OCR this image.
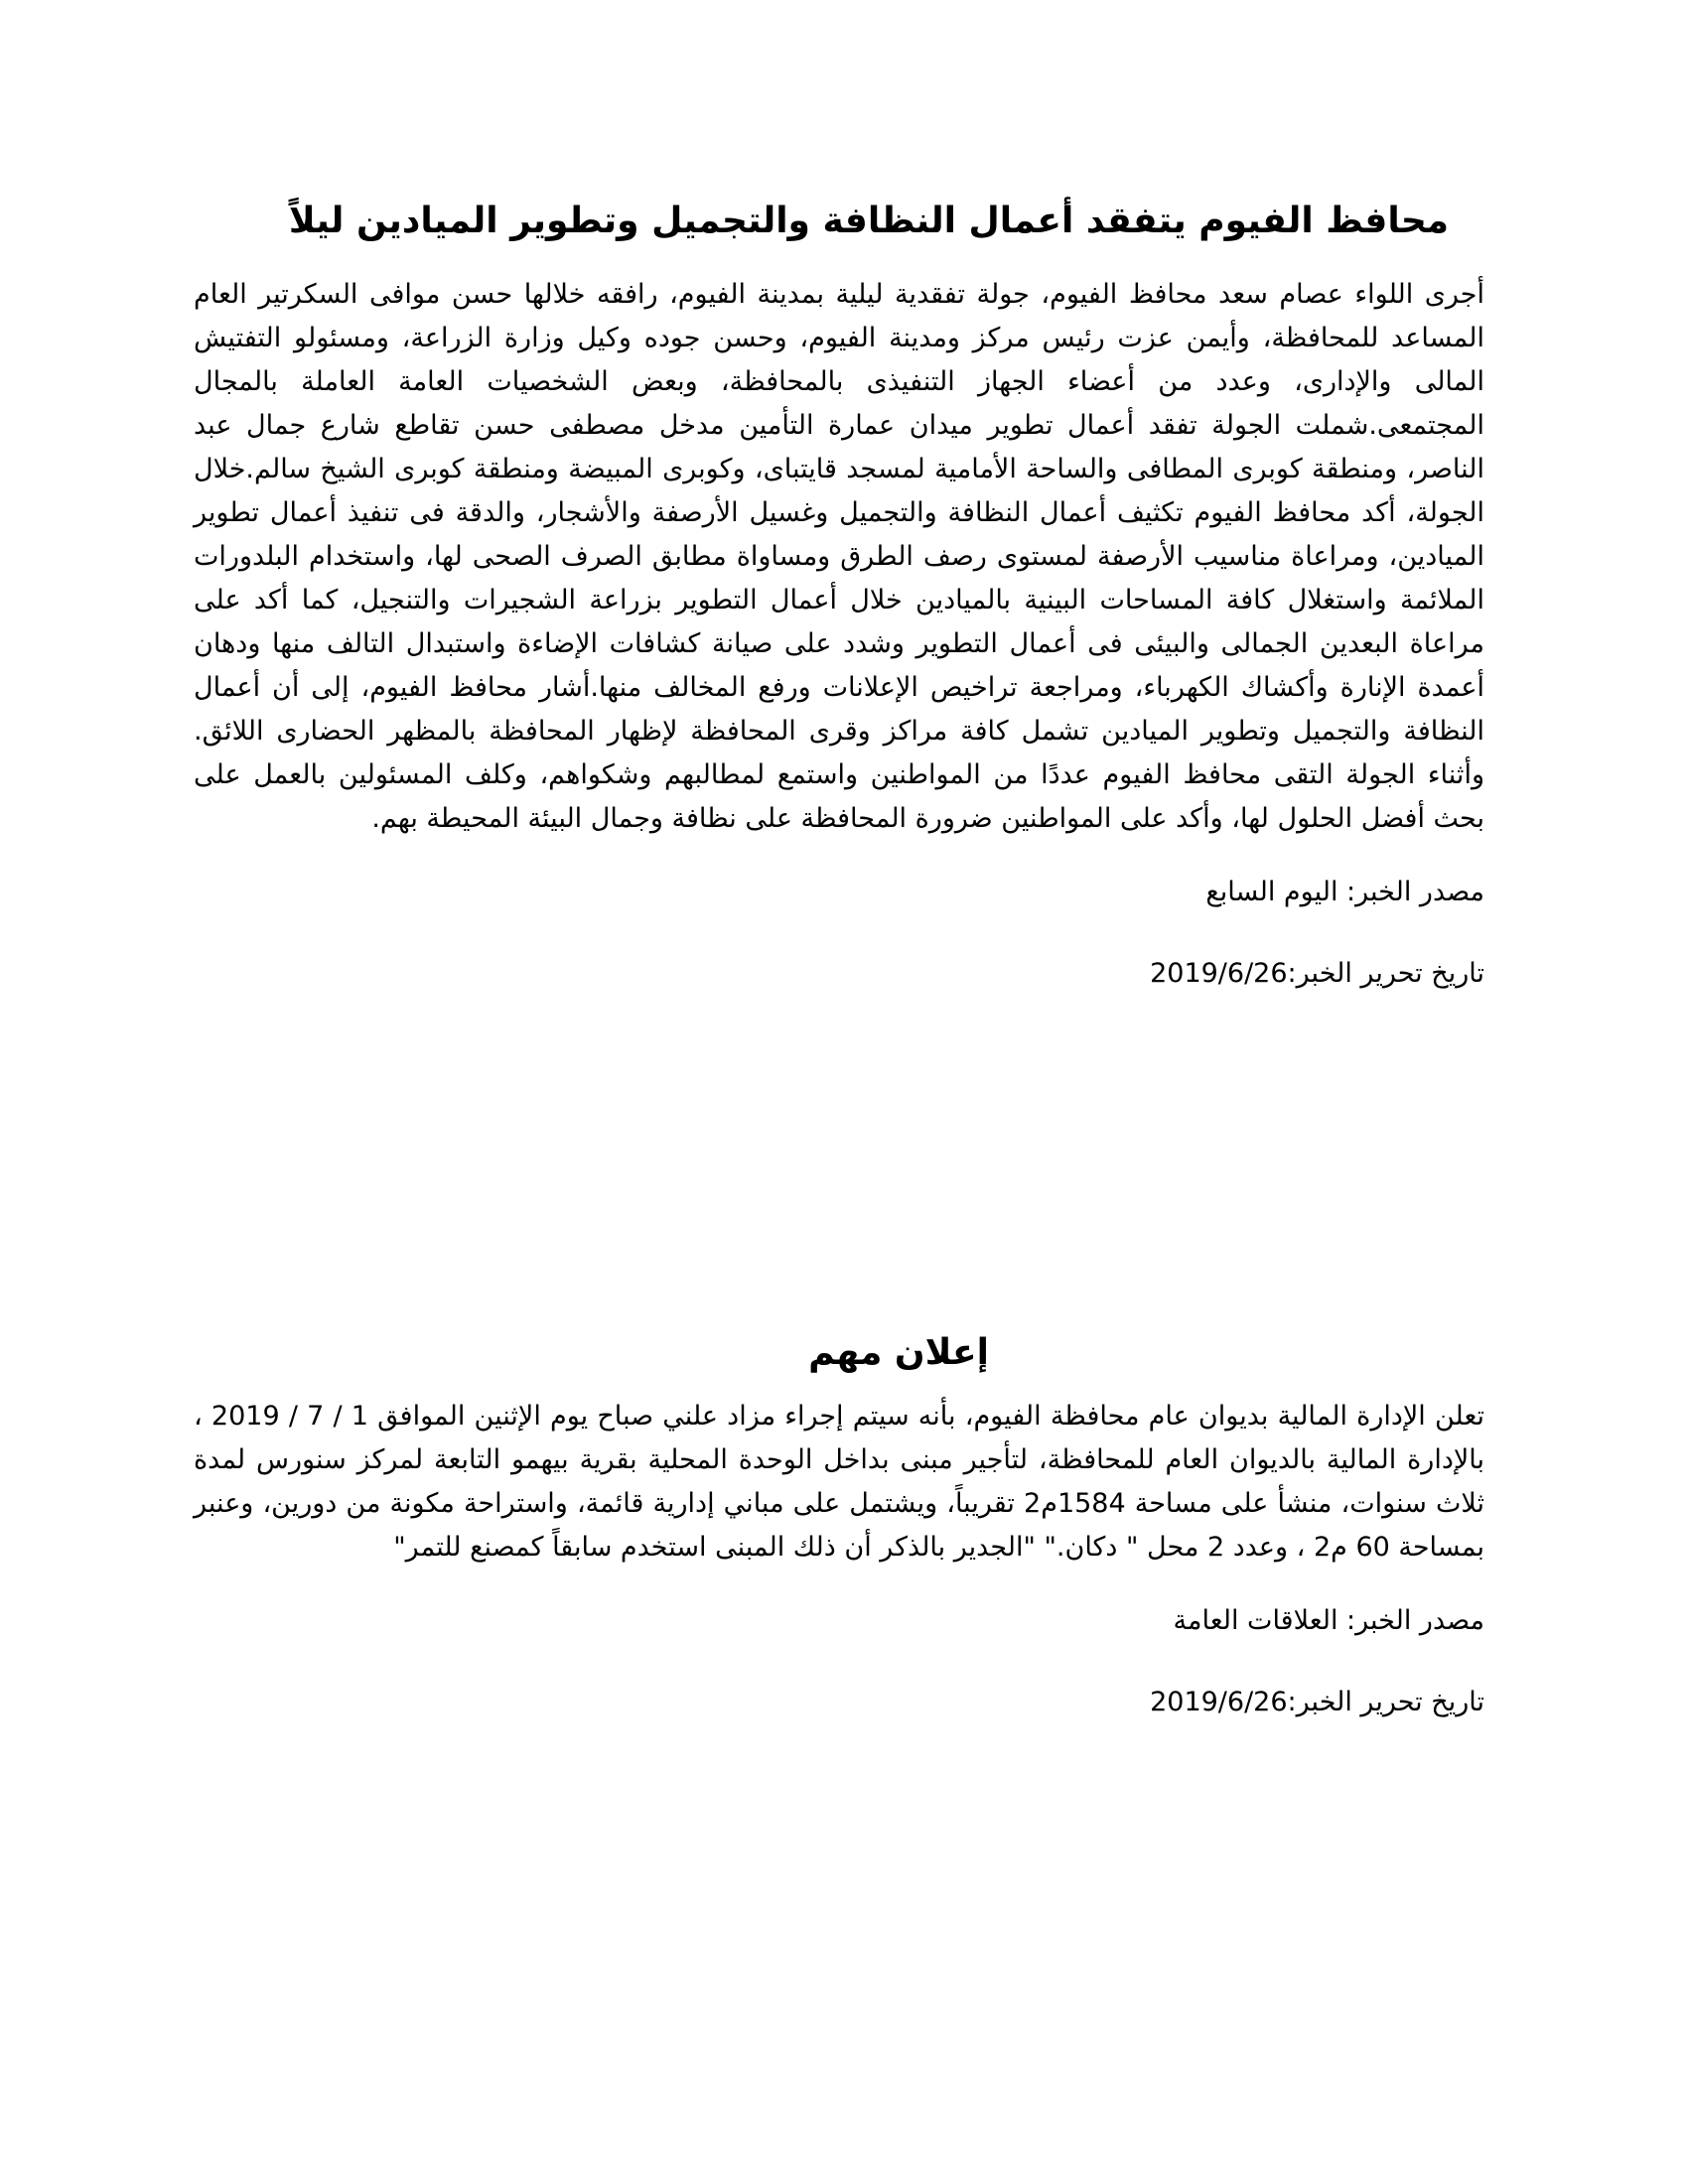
محافظ الفيوم يتفقد أعمال النظافة والتجميل وتطوير الميادين ليلاً

أجرى اللواء عصام سعد محافظ الفيوم، جولة تفقدية ليلية بمدينة الفيوم، رافقه خلالها حسن موافى السكرتير العام المساعد للمحافظة، وأيمن عزت رئيس مركز ومدينة الفيوم، وحسن جوده وكيل وزارة الزراعة، ومسئولو التفتيش المالى والإدارى، وعدد من أعضاء الجهاز التنفيذى بالمحافظة، وبعض الشخصيات العامة العاملة بالمجال المجتمعى.شملت الجولة تفقد أعمال تطوير ميدان عمارة التأمين مدخل مصطفى حسن تقاطع شارع جمال عبد الناصر، ومنطقة كوبرى المطافى والساحة الأمامية لمسجد قايتباى، وكوبرى المبيضة ومنطقة كوبرى الشيخ سالم.خلال الجولة، أكد محافظ الفيوم تكثيف أعمال النظافة والتجميل وغسيل الأرصفة والأشجار، والدقة فى تنفيذ أعمال تطوير الميادين، ومراعاة مناسيب الأرصفة لمستوى رصف الطرق ومساواة مطابق الصرف الصحى لها، واستخدام البلدورات الملائمة واستغلال كافة المساحات البينية بالميادين خلال أعمال التطوير بزراعة الشجيرات والتنجيل، كما أكد على مراعاة البعدين الجمالى والبيئى فى أعمال التطوير وشدد على صيانة كشافات الإضاءة واستبدال التالف منها ودهان أعمدة الإنارة وأكشاك الكهرباء، ومراجعة تراخيص الإعلانات ورفع المخالف منها.أشار محافظ الفيوم، إلى أن أعمال النظافة والتجميل وتطوير الميادين تشمل كافة مراكز وقرى المحافظة لإظهار المحافظة بالمظهر الحضارى اللائق. وأثناء الجولة التقى محافظ الفيوم عددًا من المواطنين واستمع لمطالبهم وشكواهم، وكلف المسئولين بالعمل على بحث أفضل الحلول لها، وأكد على المواطنين ضرورة المحافظة على نظافة وجمال البيئة المحيطة بهم.

مصدر الخبر: اليوم السابع

تاريخ تحرير الخبر:2019/6/26

إعلان مهم

تعلن الإدارة المالية بديوان عام محافظة الفيوم، بأنه سيتم إجراء مزاد علني صباح يوم الإثنين الموافق 1 / 7 / 2019 ، بالإدارة المالية بالديوان العام للمحافظة، لتأجير مبنى بداخل الوحدة المحلية بقرية بيهمو التابعة لمركز سنورس لمدة ثلاث سنوات، منشأ على مساحة 1584م2 تقريباً، ويشتمل على مباني إدارية قائمة، واستراحة مكونة من دورين، وعنبر بمساحة 60 م2 ، وعدد 2 محل " دكان." "الجدير بالذكر أن ذلك المبنى استخدم سابقاً كمصنع للتمر"

مصدر الخبر: العلاقات العامة

تاريخ تحرير الخبر:2019/6/26
